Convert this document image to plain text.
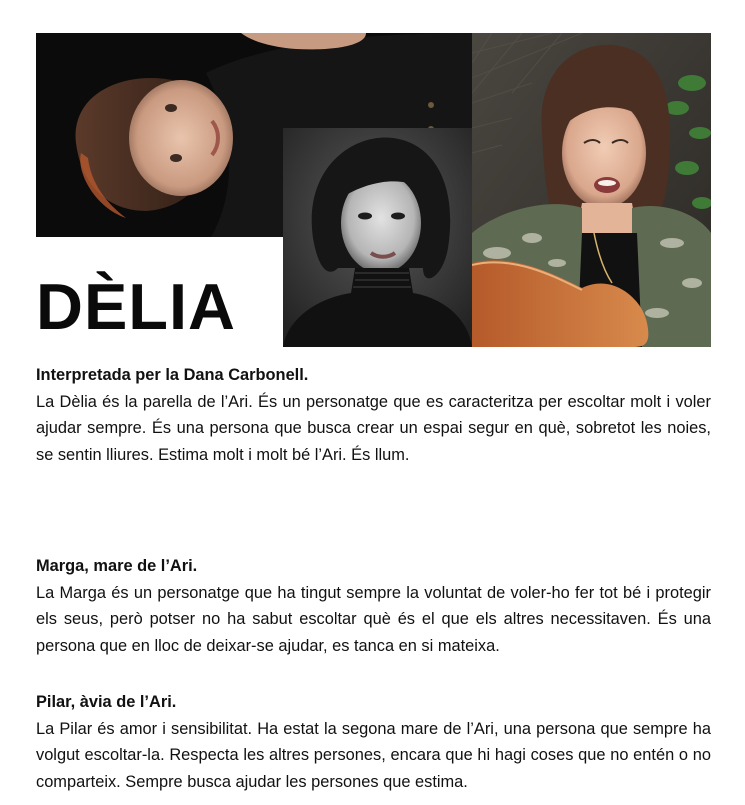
DÈLIA
Interpretada per la Dana Carbonell.

La Dèlia és la parella de l’Ari. És un personatge que es caracteritza per escoltar molt i voler ajudar sempre. És una persona que busca crear un espai segur en què, sobretot les noies, se sentin lliures. Estima molt i molt bé l’Ari. És llum.

Marga, mare de l’Ari.

La Marga és un personatge que ha tingut sempre la voluntat de voler-ho fer tot bé i protegir els seus, però potser no ha sabut escoltar què és el que els altres necessitaven. És una persona que en lloc de deixar-se ajudar, es tanca en si mateixa.

Pilar, àvia de l’Ari.

La Pilar és amor i sensibilitat. Ha estat la segona mare de l’Ari, una persona que sempre ha volgut escoltar-la. Respecta les altres persones, encara que hi hagi coses que no entén o no comparteix. Sempre busca ajudar les persones que estima.
